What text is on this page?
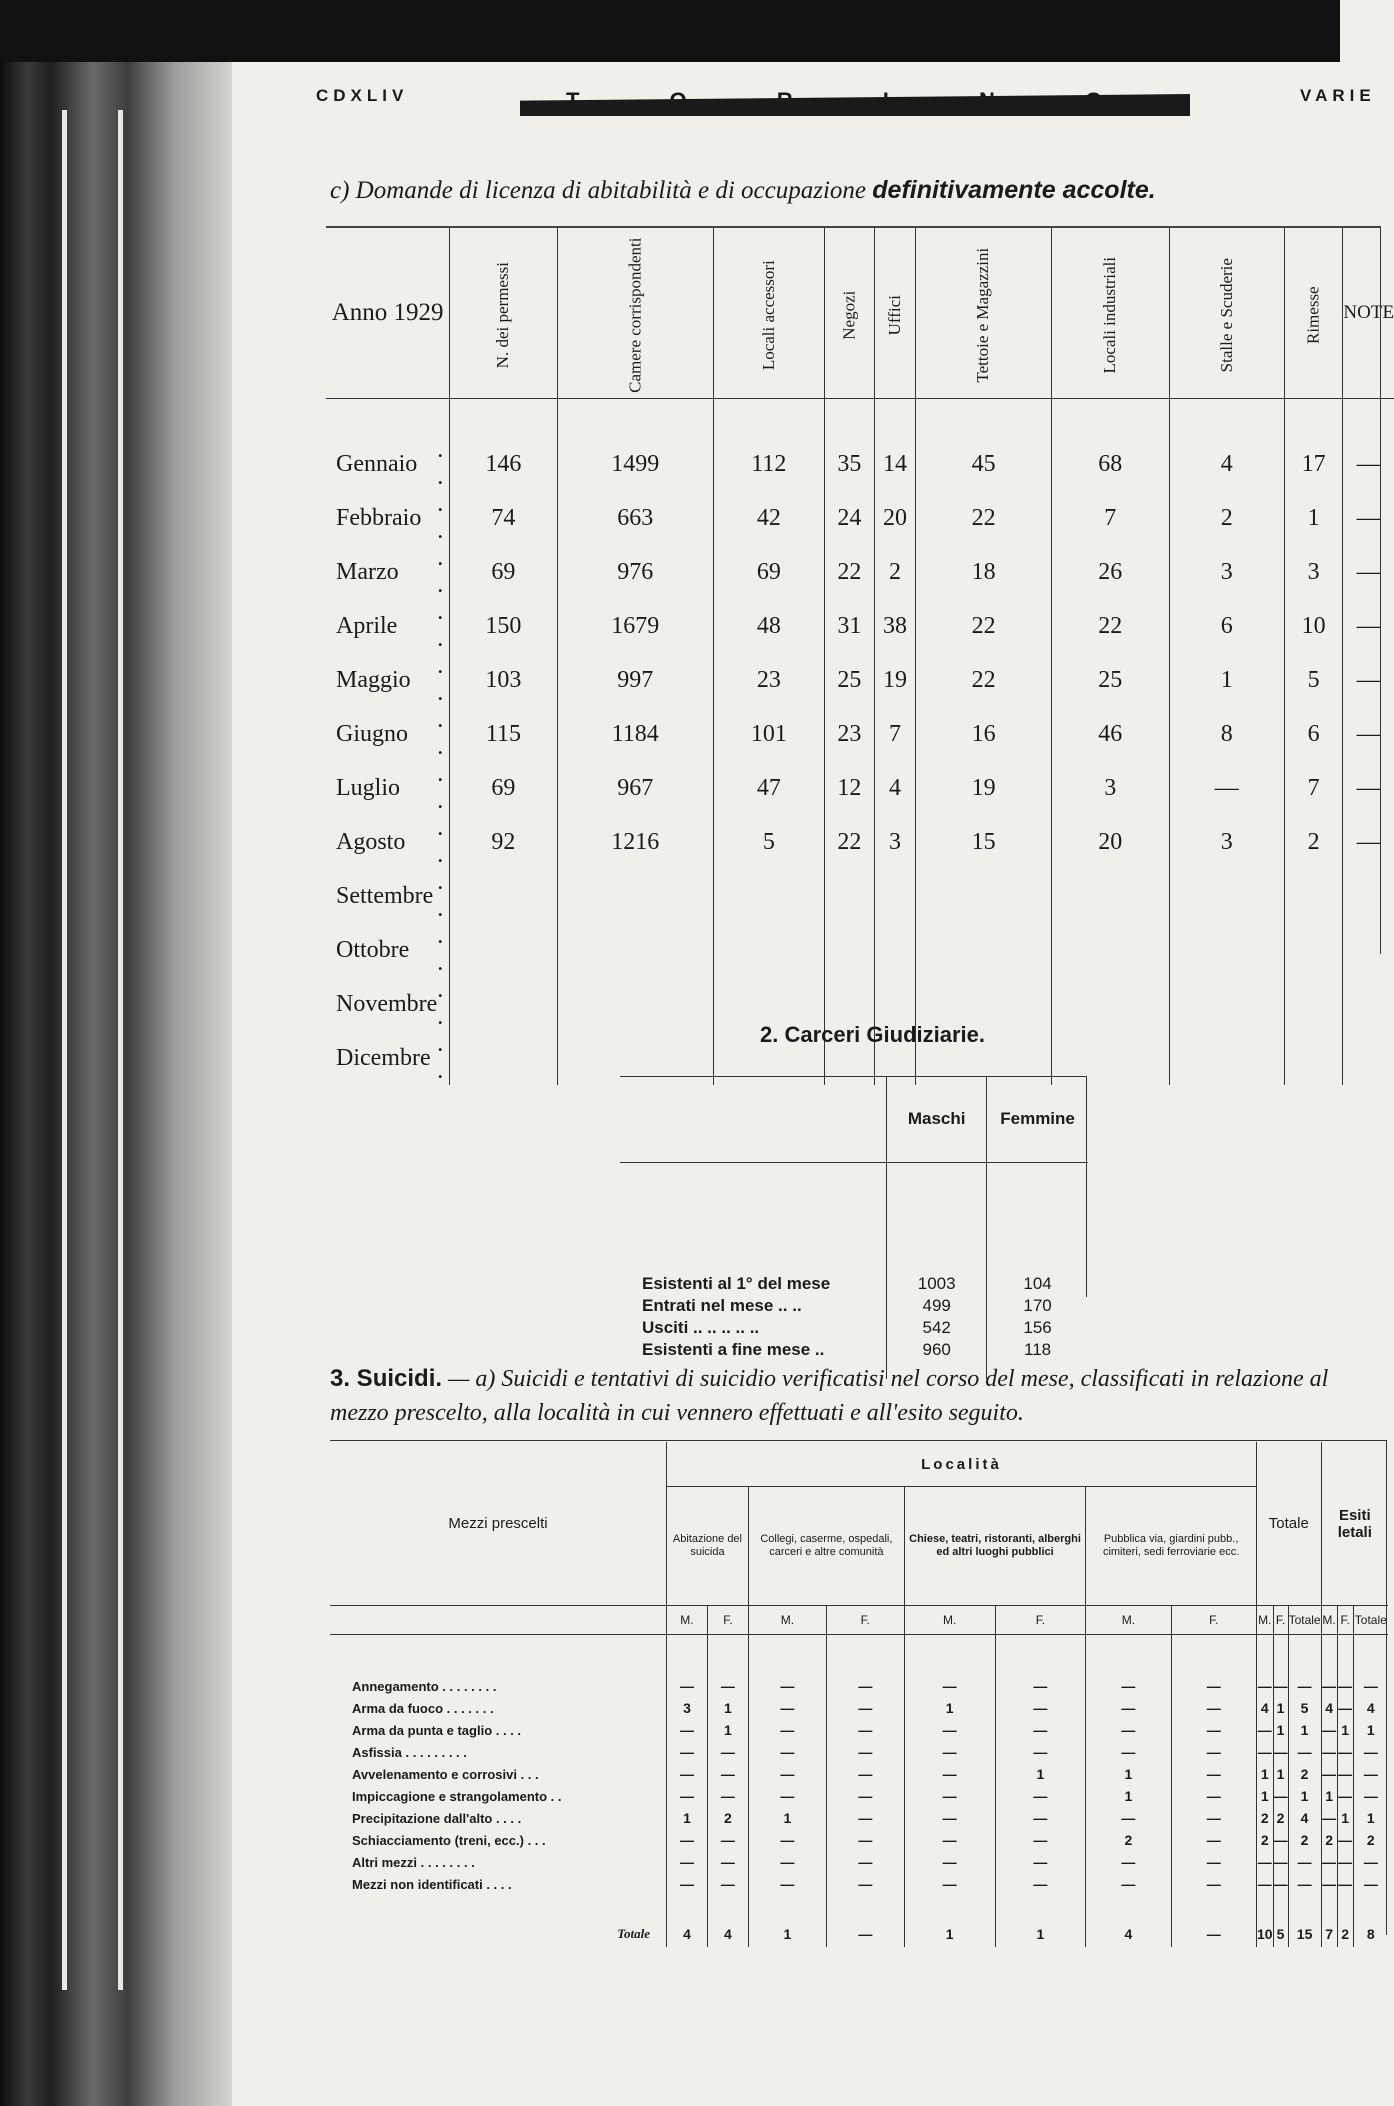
CDXLIV	T O R I N O	VARIE
c) Domande di licenza di abitabilità e di occupazione definitivamente accolte.
Anno 1929		N. dei permessi	Camere corrispondenti	Locali accessori	Negozi	Uffici	Tettoie e Magazzini	Locali industriali	Stalle e Scuderie	Rimesse	NOTE
Gennaio	. .	146	1499	112	35	14	45	68	4	17	—
Febbraio	. .	74	663	42	24	20	22	7	2	1	—
Marzo	. .	69	976	69	22	2	18	26	3	3	—
Aprile	. .	150	1679	48	31	38	22	22	6	10	—
Maggio	. .	103	997	23	25	19	22	25	1	5	—
Giugno	. .	115	1184	101	23	7	16	46	8	6	—
Luglio	. .	69	967	47	12	4	19	3	—	7	—
Agosto	. .	92	1216	5	22	3	15	20	3	2	—
Settembre	. .										
Ottobre	. .										
Novembre	. .										
Dicembre	. .										
2. Carceri Giudiziarie.
	Maschi	Femmine
Esistenti al 1° del mese	1003	104
Entrati nel mese .. ..	499	170
Usciti .. .. .. .. ..	542	156
Esistenti a fine mese ..	960	118
3. Suicidi. — a) Suicidi e tentativi di suicidio verificatisi nel corso del mese, classificati in relazione al mezzo prescelto, alla località in cui vennero effettuati e all'esito seguito.
Mezzi prescelti	Località								Totale			Esiti letali		
	Abitazione del suicida		Collegi, caserme, ospedali, carceri e altre comunità		Chiese, teatri, ristoranti, alberghi ed altri luoghi pubblici		Pubblica via, giardini pubb., cimiteri, sedi ferroviarie ecc.							
	M.	F.	M.	F.	M.	F.	M.	F.	M.	F.	Totale	M.	F.	Totale
Annegamento . . . . . . . .	—	—	—	—	—	—	—	—	—	—	—	—	—	—
Arma da fuoco . . . . . . .	3	1	—	—	1	—	—	—	4	1	5	4	—	4
Arma da punta e taglio . . . .	—	1	—	—	—	—	—	—	—	1	1	—	1	1
Asfissia . . . . . . . . .	—	—	—	—	—	—	—	—	—	—	—	—	—	—
Avvelenamento e corrosivi . . .	—	—	—	—	—	1	1	—	1	1	2	—	—	—
Impiccagione e strangolamento . .	—	—	—	—	—	—	1	—	1	—	1	1	—	—
Precipitazione dall'alto . . . .	1	2	1	—	—	—	—	—	2	2	4	—	1	1
Schiacciamento (treni, ecc.) . . .	—	—	—	—	—	—	2	—	2	—	2	2	—	2
Altri mezzi . . . . . . . .	—	—	—	—	—	—	—	—	—	—	—	—	—	—
Mezzi non identificati . . . .	—	—	—	—	—	—	—	—	—	—	—	—	—	—
Totale	4	4	1	—	1	1	4	—	10	5	15	7	2	8
